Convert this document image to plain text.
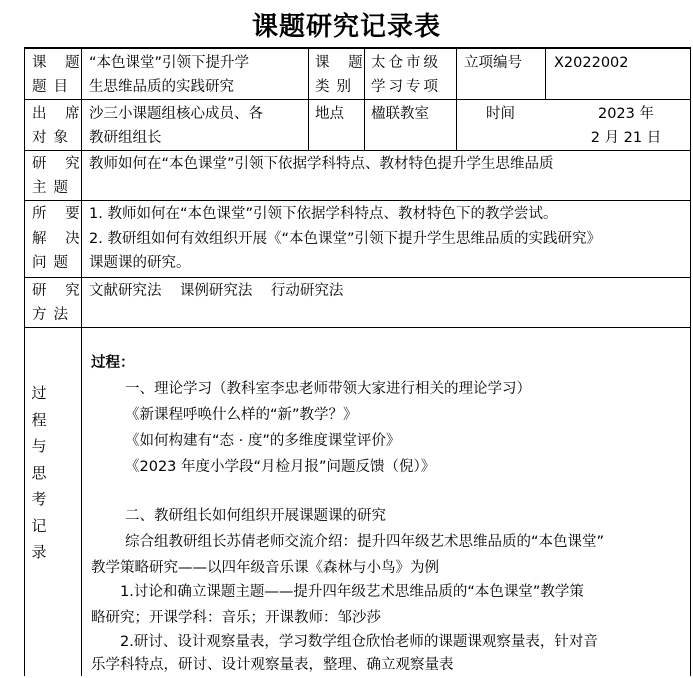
课题研究记录表
课 题
题目
“本色课堂”引领下提升学
生思维品质的实践研究
课 题
类别
太仓市级
学习专项
立项编号 X2022002
出 席
对象
沙三小课题组核心成员、各
教研组组长
地点 楹联教室	时间	2023 年
2 月 21 日
研 究
主题
教师如何在“本色课堂”引领下依据学科特点、教材特色提升学生思维品质
所 要
解 决
问题
1. 教师如何在“本色课堂”引领下依据学科特点、教材特色下的教学尝试。
2. 教研组如何有效组织开展《“本色课堂”引领下提升学生思维品质的实践研究》
课题课的研究。
研 究
方法
文献研究法    课例研究法    行动研究法
过
程
与
思
考
记
录
过程：
一、理论学习（教科室李忠老师带领大家进行相关的理论学习）
《新课程呼唤什么样的“新”教学？》
《如何构建有“态 · 度”的多维度课堂评价》
《2023 年度小学段“月检月报”问题反馈（倪）》
二、教研组长如何组织开展课题课的研究
综合组教研组长苏倩老师交流介绍：提升四年级艺术思维品质的“本色课堂”
教学策略研究——以四年级音乐课《森林与小鸟》为例
1.讨论和确立课题主题——提升四年级艺术思维品质的“本色课堂”教学策
略研究；开课学科：音乐；开课教师：邹沙莎
2.研讨、设计观察量表，学习数学组仓欣怡老师的课题课观察量表，针对音
乐学科特点，研讨、设计观察量表，整理、确立观察量表
